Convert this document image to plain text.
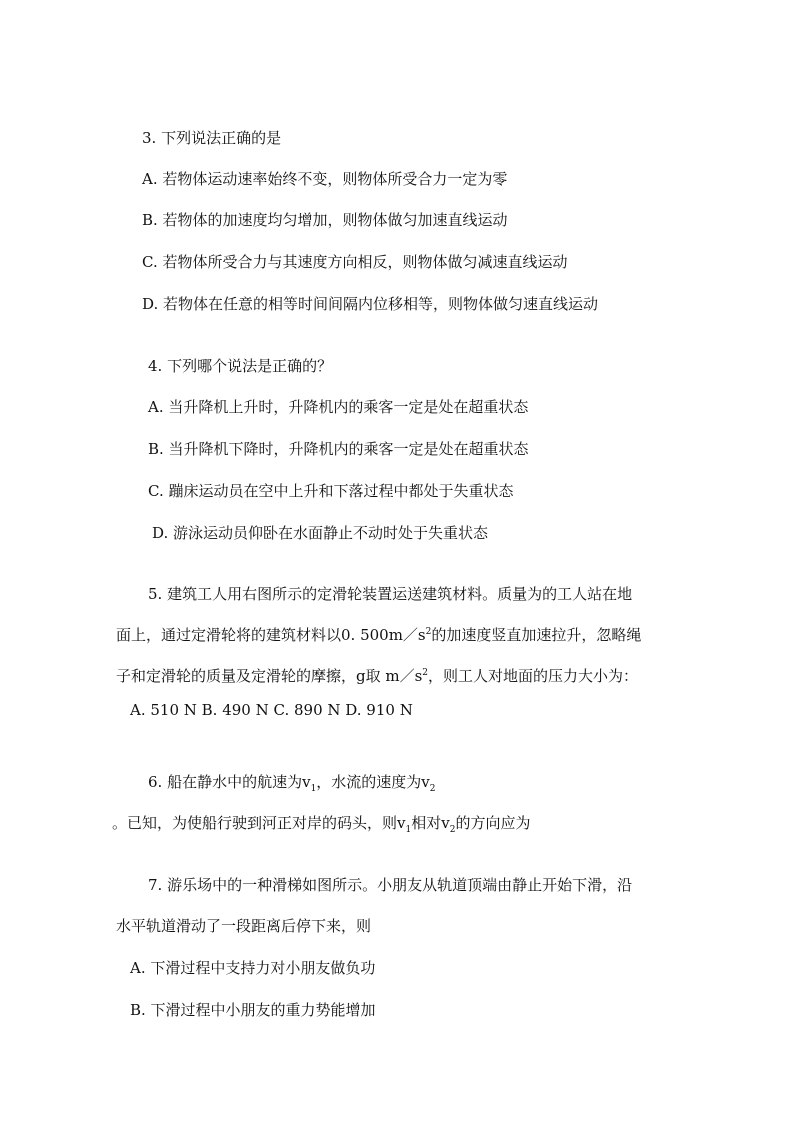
3. 下列说法正确的是
A. 若物体运动速率始终不变，则物体所受合力一定为零
B. 若物体的加速度均匀增加，则物体做匀加速直线运动
C. 若物体所受合力与其速度方向相反，则物体做匀减速直线运动
D. 若物体在任意的相等时间间隔内位移相等，则物体做匀速直线运动
4. 下列哪个说法是正确的？
A. 当升降机上升时，升降机内的乘客一定是处在超重状态
B. 当升降机下降时，升降机内的乘客一定是处在超重状态
C. 蹦床运动员在空中上升和下落过程中都处于失重状态
D. 游泳运动员仰卧在水面静止不动时处于失重状态
5. 建筑工人用右图所示的定滑轮装置运送建筑材料。质量为的工人站在地
面上，通过定滑轮将的建筑材料以0. $500m/s^2$的加速度竖直加速拉升，忽略绳
子和定滑轮的质量及定滑轮的摩擦，g取 $m/s^2$，则工人对地面的压力大小为：
A. 510 N B. 490 N C. 890 N D. 910 N
6. 船在静水中的航速为$v_1$，水流的速度为$v_2$
。已知，为使船行驶到河正对岸的码头，则$v_1$相对$v_2$的方向应为
7. 游乐场中的一种滑梯如图所示。小朋友从轨道顶端由静止开始下滑，沿
水平轨道滑动了一段距离后停下来，则
A. 下滑过程中支持力对小朋友做负功
B. 下滑过程中小朋友的重力势能增加
